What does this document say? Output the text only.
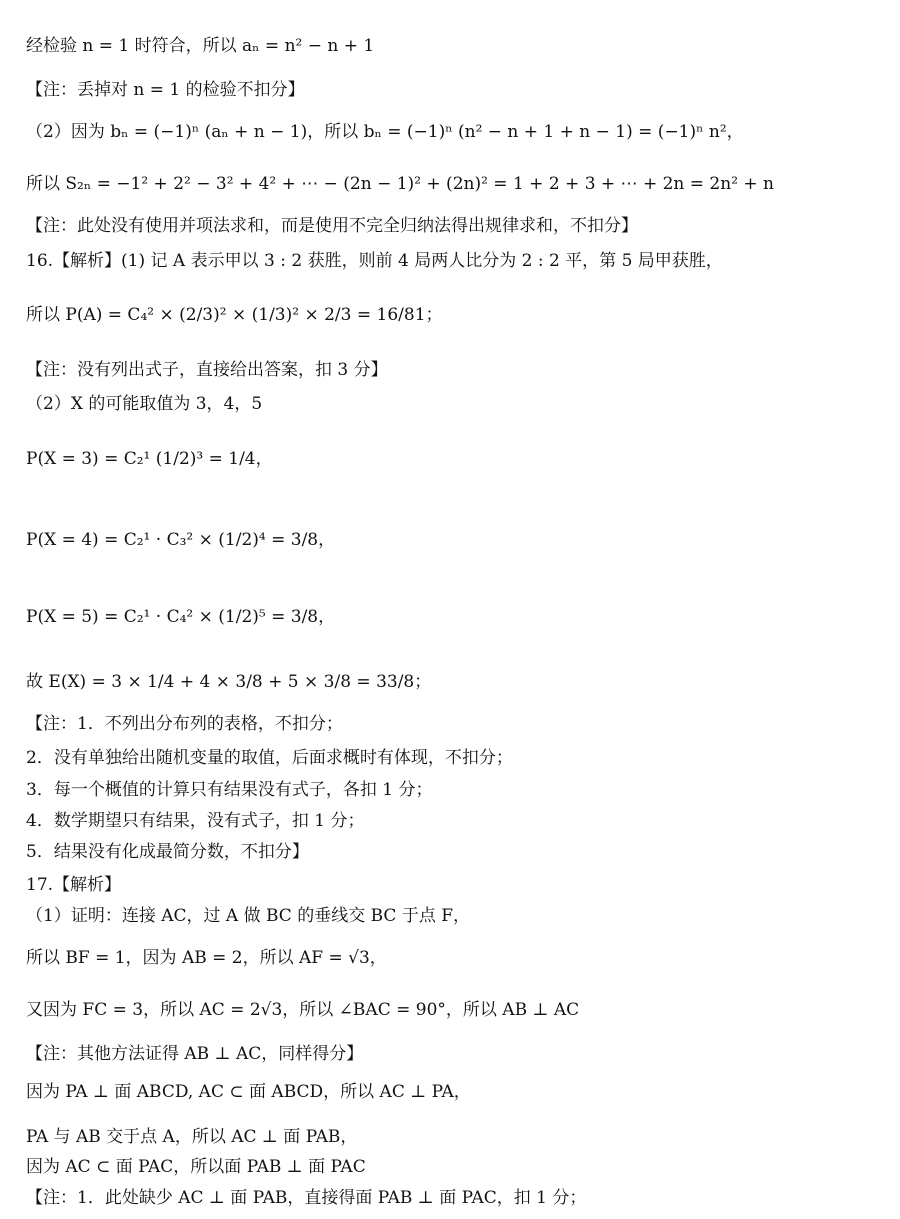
经检验 n = 1 时符合，所以 aₙ = n² − n + 1
【注：丢掉对 n = 1 的检验不扣分】
（2）因为 bₙ = (−1)ⁿ (aₙ + n − 1)，所以 bₙ = (−1)ⁿ (n² − n + 1 + n − 1) = (−1)ⁿ n²，
所以 S₂ₙ = −1² + 2² − 3² + 4² + ⋯ − (2n − 1)² + (2n)² = 1 + 2 + 3 + ⋯ + 2n = 2n² + n
【注：此处没有使用并项法求和，而是使用不完全归纳法得出规律求和，不扣分】
16.【解析】(1) 记 A 表示甲以 3 : 2 获胜，则前 4 局两人比分为 2 : 2 平，第 5 局甲获胜，
所以 P(A) = C₄² × (2/3)² × (1/3)² × 2/3 = 16/81；
【注：没有列出式子，直接给出答案，扣 3 分】
（2）X 的可能取值为 3，4，5
P(X = 3) = C₂¹ (1/2)³ = 1/4，
P(X = 4) = C₂¹ · C₃² × (1/2)⁴ = 3/8，
P(X = 5) = C₂¹ · C₄² × (1/2)⁵ = 3/8，
故 E(X) = 3 × 1/4 + 4 × 3/8 + 5 × 3/8 = 33/8；
【注：1．不列出分布列的表格，不扣分；
2．没有单独给出随机变量的取值，后面求概时有体现，不扣分；
3．每一个概值的计算只有结果没有式子，各扣 1 分；
4．数学期望只有结果，没有式子，扣 1 分；
5．结果没有化成最简分数，不扣分】
17.【解析】
（1）证明：连接 AC，过 A 做 BC 的垂线交 BC 于点 F，
所以 BF = 1，因为 AB = 2，所以 AF = √3，
又因为 FC = 3，所以 AC = 2√3，所以 ∠BAC = 90°，所以 AB ⊥ AC
【注：其他方法证得 AB ⊥ AC，同样得分】
因为 PA ⊥ 面 ABCD, AC ⊂ 面 ABCD，所以 AC ⊥ PA，
PA 与 AB 交于点 A，所以 AC ⊥ 面 PAB，
因为 AC ⊂ 面 PAC，所以面 PAB ⊥ 面 PAC
【注：1．此处缺少 AC ⊥ 面 PAB，直接得面 PAB ⊥ 面 PAC，扣 1 分；
